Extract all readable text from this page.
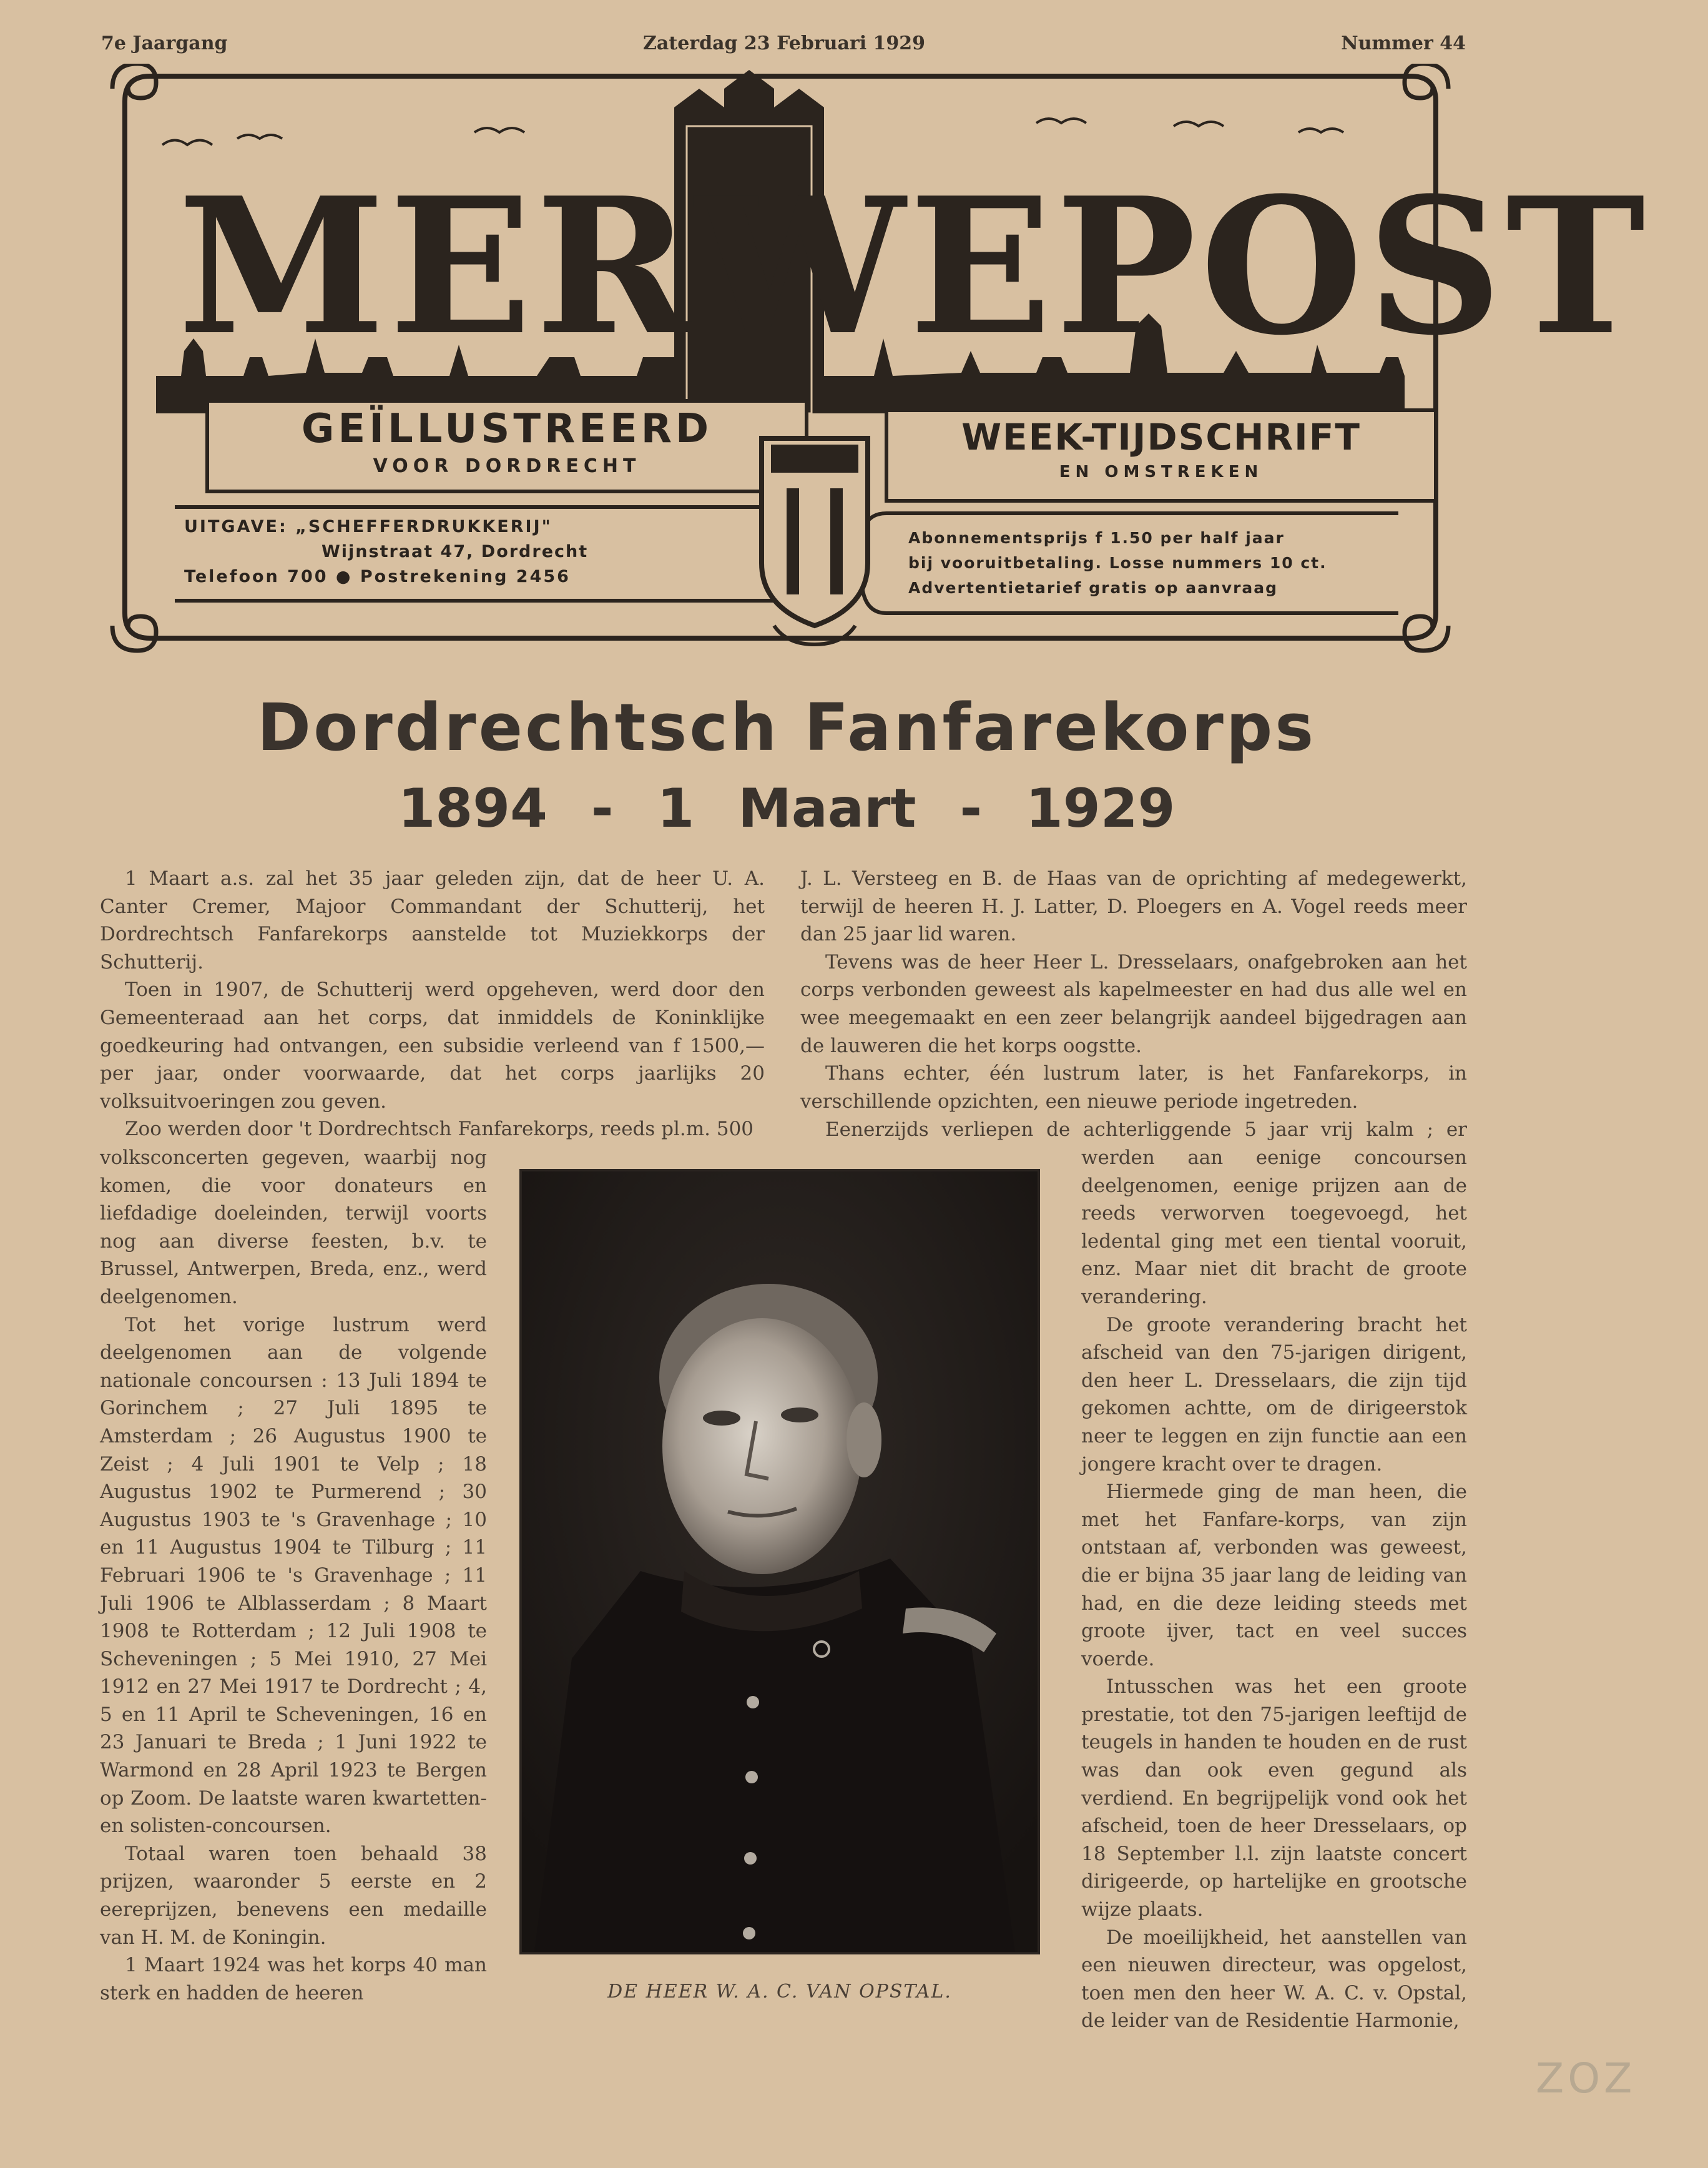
7e Jaargang	Zaterdag 23 Februari 1929	Nummer 44
M E R W E P O S T
GEÏLLUSTREERD
VOOR DORDRECHT
WEEK-TIJDSCHRIFT
EN OMSTREKEN
UITGAVE: „SCHEFFERDRUKKERIJ"
Wijnstraat 47, Dordrecht
Telefoon 700 ● Postrekening 2456
Abonnementsprijs f 1.50 per half jaar
bij vooruitbetaling. Losse nummers 10 ct.
Advertentietarief gratis op aanvraag
Dordrechtsch Fanfarekorps
1894 - 1 Maart - 1929

1 Maart a.s. zal het 35 jaar geleden zijn, dat de heer U. A. Canter Cremer, Majoor Commandant der Schutterij, het Dordrechtsch Fanfarekorps aanstelde tot Muziekkorps der Schutterij.

Toen in 1907, de Schutterij werd opgeheven, werd door den Gemeenteraad aan het corps, dat inmiddels de Koninklijke goedkeuring had ontvangen, een subsidie verleend van f 1500,— per jaar, onder voorwaarde, dat het corps jaarlijks 20 volksuitvoeringen zou geven.

Zoo werden door 't Dordrechtsch Fanfarekorps, reeds pl.m. 500

volksconcerten gegeven, waarbij nog komen, die voor donateurs en liefdadige doeleinden, terwijl voorts nog aan diverse feesten, b.v. te Brussel, Antwerpen, Breda, enz., werd deelgenomen.

Tot het vorige lustrum werd deelgenomen aan de volgende nationale concoursen : 13 Juli 1894 te Gorinchem ; 27 Juli 1895 te Amsterdam ; 26 Augustus 1900 te Zeist ; 4 Juli 1901 te Velp ; 18 Augustus 1902 te Purmerend ; 30 Augustus 1903 te 's Gravenhage ; 10 en 11 Augustus 1904 te Tilburg ; 11 Februari 1906 te 's Gravenhage ; 11 Juli 1906 te Alblasserdam ; 8 Maart 1908 te Rotterdam ; 12 Juli 1908 te Scheveningen ; 5 Mei 1910, 27 Mei 1912 en 27 Mei 1917 te Dordrecht ; 4, 5 en 11 April te Scheveningen, 16 en 23 Januari te Breda ; 1 Juni 1922 te Warmond en 28 April 1923 te Bergen op Zoom. De laatste waren kwartetten- en solisten-concoursen.

Totaal waren toen behaald 38 prijzen, waaronder 5 eerste en 2 eereprijzen, benevens een medaille van H. M. de Koningin.

1 Maart 1924 was het korps 40 man sterk en hadden de heeren

J. L. Versteeg en B. de Haas van de oprichting af medegewerkt, terwijl de heeren H. J. Latter, D. Ploegers en A. Vogel reeds meer dan 25 jaar lid waren.

Tevens was de heer Heer L. Dresselaars, onafgebroken aan het corps verbonden geweest als kapelmeester en had dus alle wel en wee meegemaakt en een zeer belangrijk aandeel bijgedragen aan de lauweren die het korps oogstte.

Thans echter, één lustrum later, is het Fanfarekorps, in verschillende opzichten, een nieuwe periode ingetreden.

Eenerzijds verliepen de achterliggende 5 jaar vrij kalm ; er

werden aan eenige concoursen deelgenomen, eenige prijzen aan de reeds verworven toegevoegd, het ledental ging met een tiental vooruit, enz. Maar niet dit bracht de groote verandering.

De groote verandering bracht het afscheid van den 75-jarigen dirigent, den heer L. Dresselaars, die zijn tijd gekomen achtte, om de dirigeerstok neer te leggen en zijn functie aan een jongere kracht over te dragen.

Hiermede ging de man heen, die met het Fanfare-korps, van zijn ontstaan af, verbonden was geweest, die er bijna 35 jaar lang de leiding van had, en die deze leiding steeds met groote ijver, tact en veel succes voerde.

Intusschen was het een groote prestatie, tot den 75-jarigen leeftijd de teugels in handen te houden en de rust was dan ook even gegund als verdiend. En begrijpelijk vond ook het afscheid, toen de heer Dresselaars, op 18 September l.l. zijn laatste concert dirigeerde, op hartelijke en grootsche wijze plaats.

De moeilijkheid, het aanstellen van een nieuwen directeur, was opgelost, toen men den heer W. A. C. v. Opstal, de leider van de Residentie Harmonie,

DE HEER W. A. C. VAN OPSTAL.
ZOZ
